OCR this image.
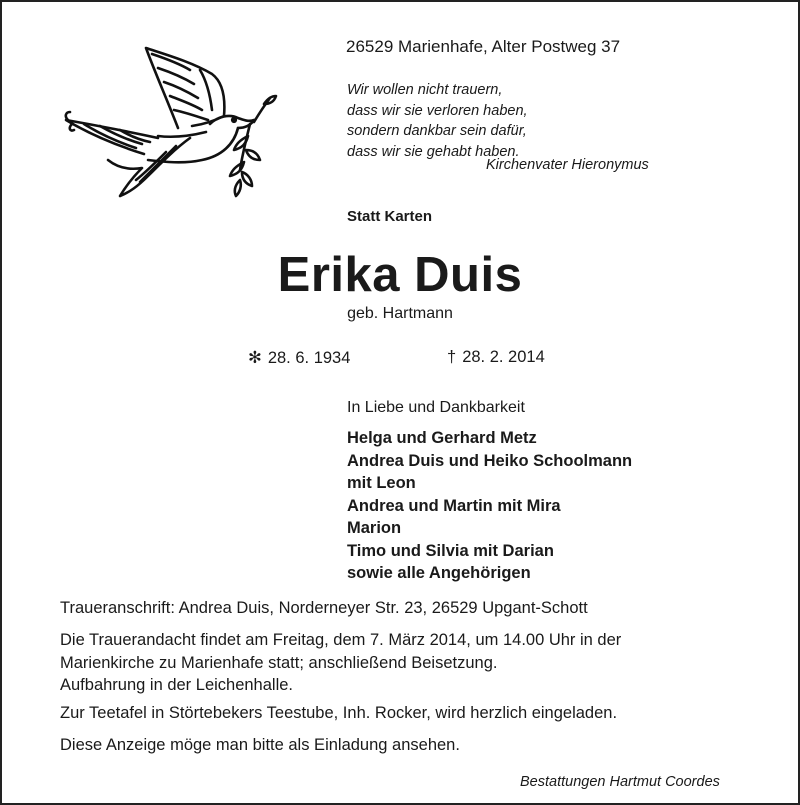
26529 Marienhafe, Alter Postweg 37
Wir wollen nicht trauern,
dass wir sie verloren haben,
sondern dankbar sein dafür,
dass wir sie gehabt haben.
Kirchenvater Hieronymus
Statt Karten
Erika Duis
geb. Hartmann
✻ 28. 6. 1934	† 28. 2. 2014
In Liebe und Dankbarkeit
Helga und Gerhard Metz
Andrea Duis und Heiko Schoolmann
mit Leon
Andrea und Martin mit Mira
Marion
Timo und Silvia mit Darian
sowie alle Angehörigen
Traueranschrift: Andrea Duis, Norderneyer Str. 23, 26529 Upgant-Schott
Die Trauerandacht findet am Freitag, dem 7. März 2014, um 14.00 Uhr in der
Marienkirche zu Marienhafe statt; anschließend Beisetzung.
Aufbahrung in der Leichenhalle.
Zur Teetafel in Störtebekers Teestube, Inh. Rocker, wird herzlich eingeladen.
Diese Anzeige möge man bitte als Einladung ansehen.
Bestattungen Hartmut Coordes
